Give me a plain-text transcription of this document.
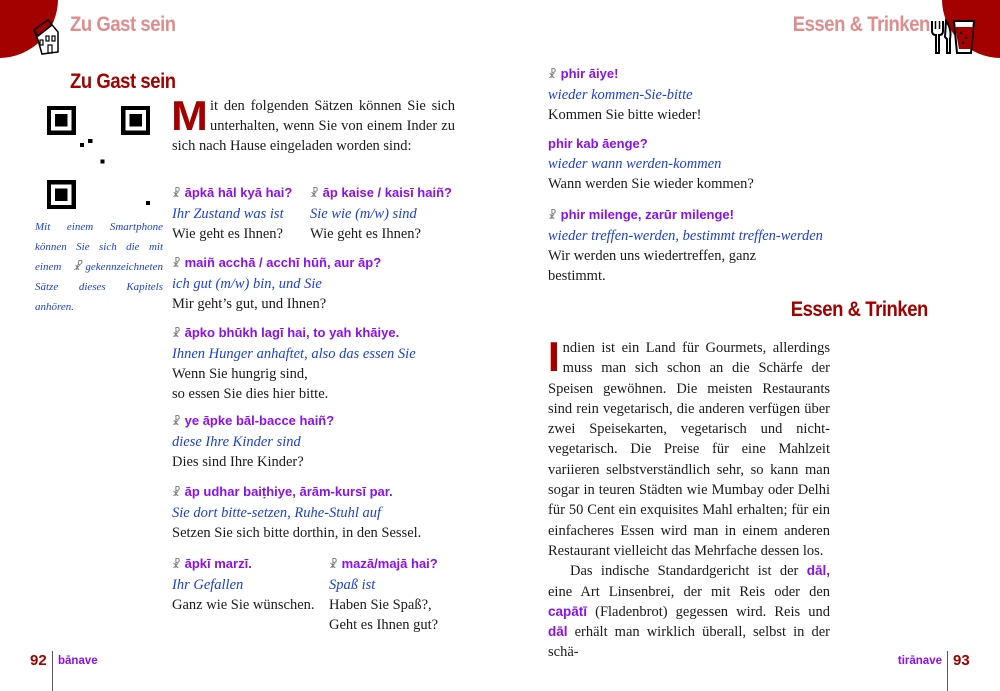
Zu Gast sein	Essen & Trinken
Zu Gast sein
Mit einem Smartphone können Sie sich die mit einem ☧ gekennzeichneten Sätze dieses Kapitels anhören.
Mit den folgenden Sätzen können Sie sich unterhalten, wenn Sie von einem Inder zu sich nach Hause eingeladen worden sind:
☧ āpkā hāl kyā hai?
Ihr Zustand was ist
Wie geht es Ihnen?
☧ āp kaise / kaisī haiñ?
Sie wie (m/w) sind
Wie geht es Ihnen?
☧ maiñ acchā / acchī hūñ, aur āp?
ich gut (m/w) bin, und Sie
Mir geht’s gut, und Ihnen?
☧ āpko bhūkh lagī hai, to yah khāiye.
Ihnen Hunger anhaftet, also das essen Sie
Wenn Sie hungrig sind,
so essen Sie dies hier bitte.
☧ ye āpke bāl-bacce haiñ?
diese Ihre Kinder sind
Dies sind Ihre Kinder?
☧ āp udhar baiṭhiye, ārām-kursī par.
Sie dort bitte-setzen, Ruhe-Stuhl auf
Setzen Sie sich bitte dorthin, in den Sessel.
☧ āpkī marzī.
Ihr Gefallen
Ganz wie Sie wünschen.
☧ mazā/majā hai?
Spaß ist
Haben Sie Spaß?,
Geht es Ihnen gut?
☧ phir āiye!
wieder kommen-Sie-bitte
Kommen Sie bitte wieder!
phir kab āenge?
wieder wann werden-kommen
Wann werden Sie wieder kommen?
☧ phir milenge, zarūr milenge!
wieder treffen-werden, bestimmt treffen-werden
Wir werden uns wiedertreffen, ganz
bestimmt.
Essen & Trinken
Indien ist ein Land für Gourmets, allerdings muss man sich schon an die Schärfe der Speisen gewöhnen. Die meisten Restaurants sind rein vegetarisch, die anderen verfügen über zwei Speisekarten, vegetarisch und nicht-vegetarisch. Die Preise für eine Mahlzeit variieren selbstverständlich sehr, so kann man sogar in teuren Städten wie Mumbay oder Delhi für 50 Cent ein exquisites Mahl erhalten; für ein einfacheres Essen wird man in einem anderen Restaurant vielleicht das Mehrfache dessen los.
Das indische Standardgericht ist der dāl, eine Art Linsenbrei, der mit Reis oder den capātī (Fladenbrot) gegessen wird. Reis und dāl erhält man wirklich überall, selbst in der schä-
92 bānave	tirānave 93
